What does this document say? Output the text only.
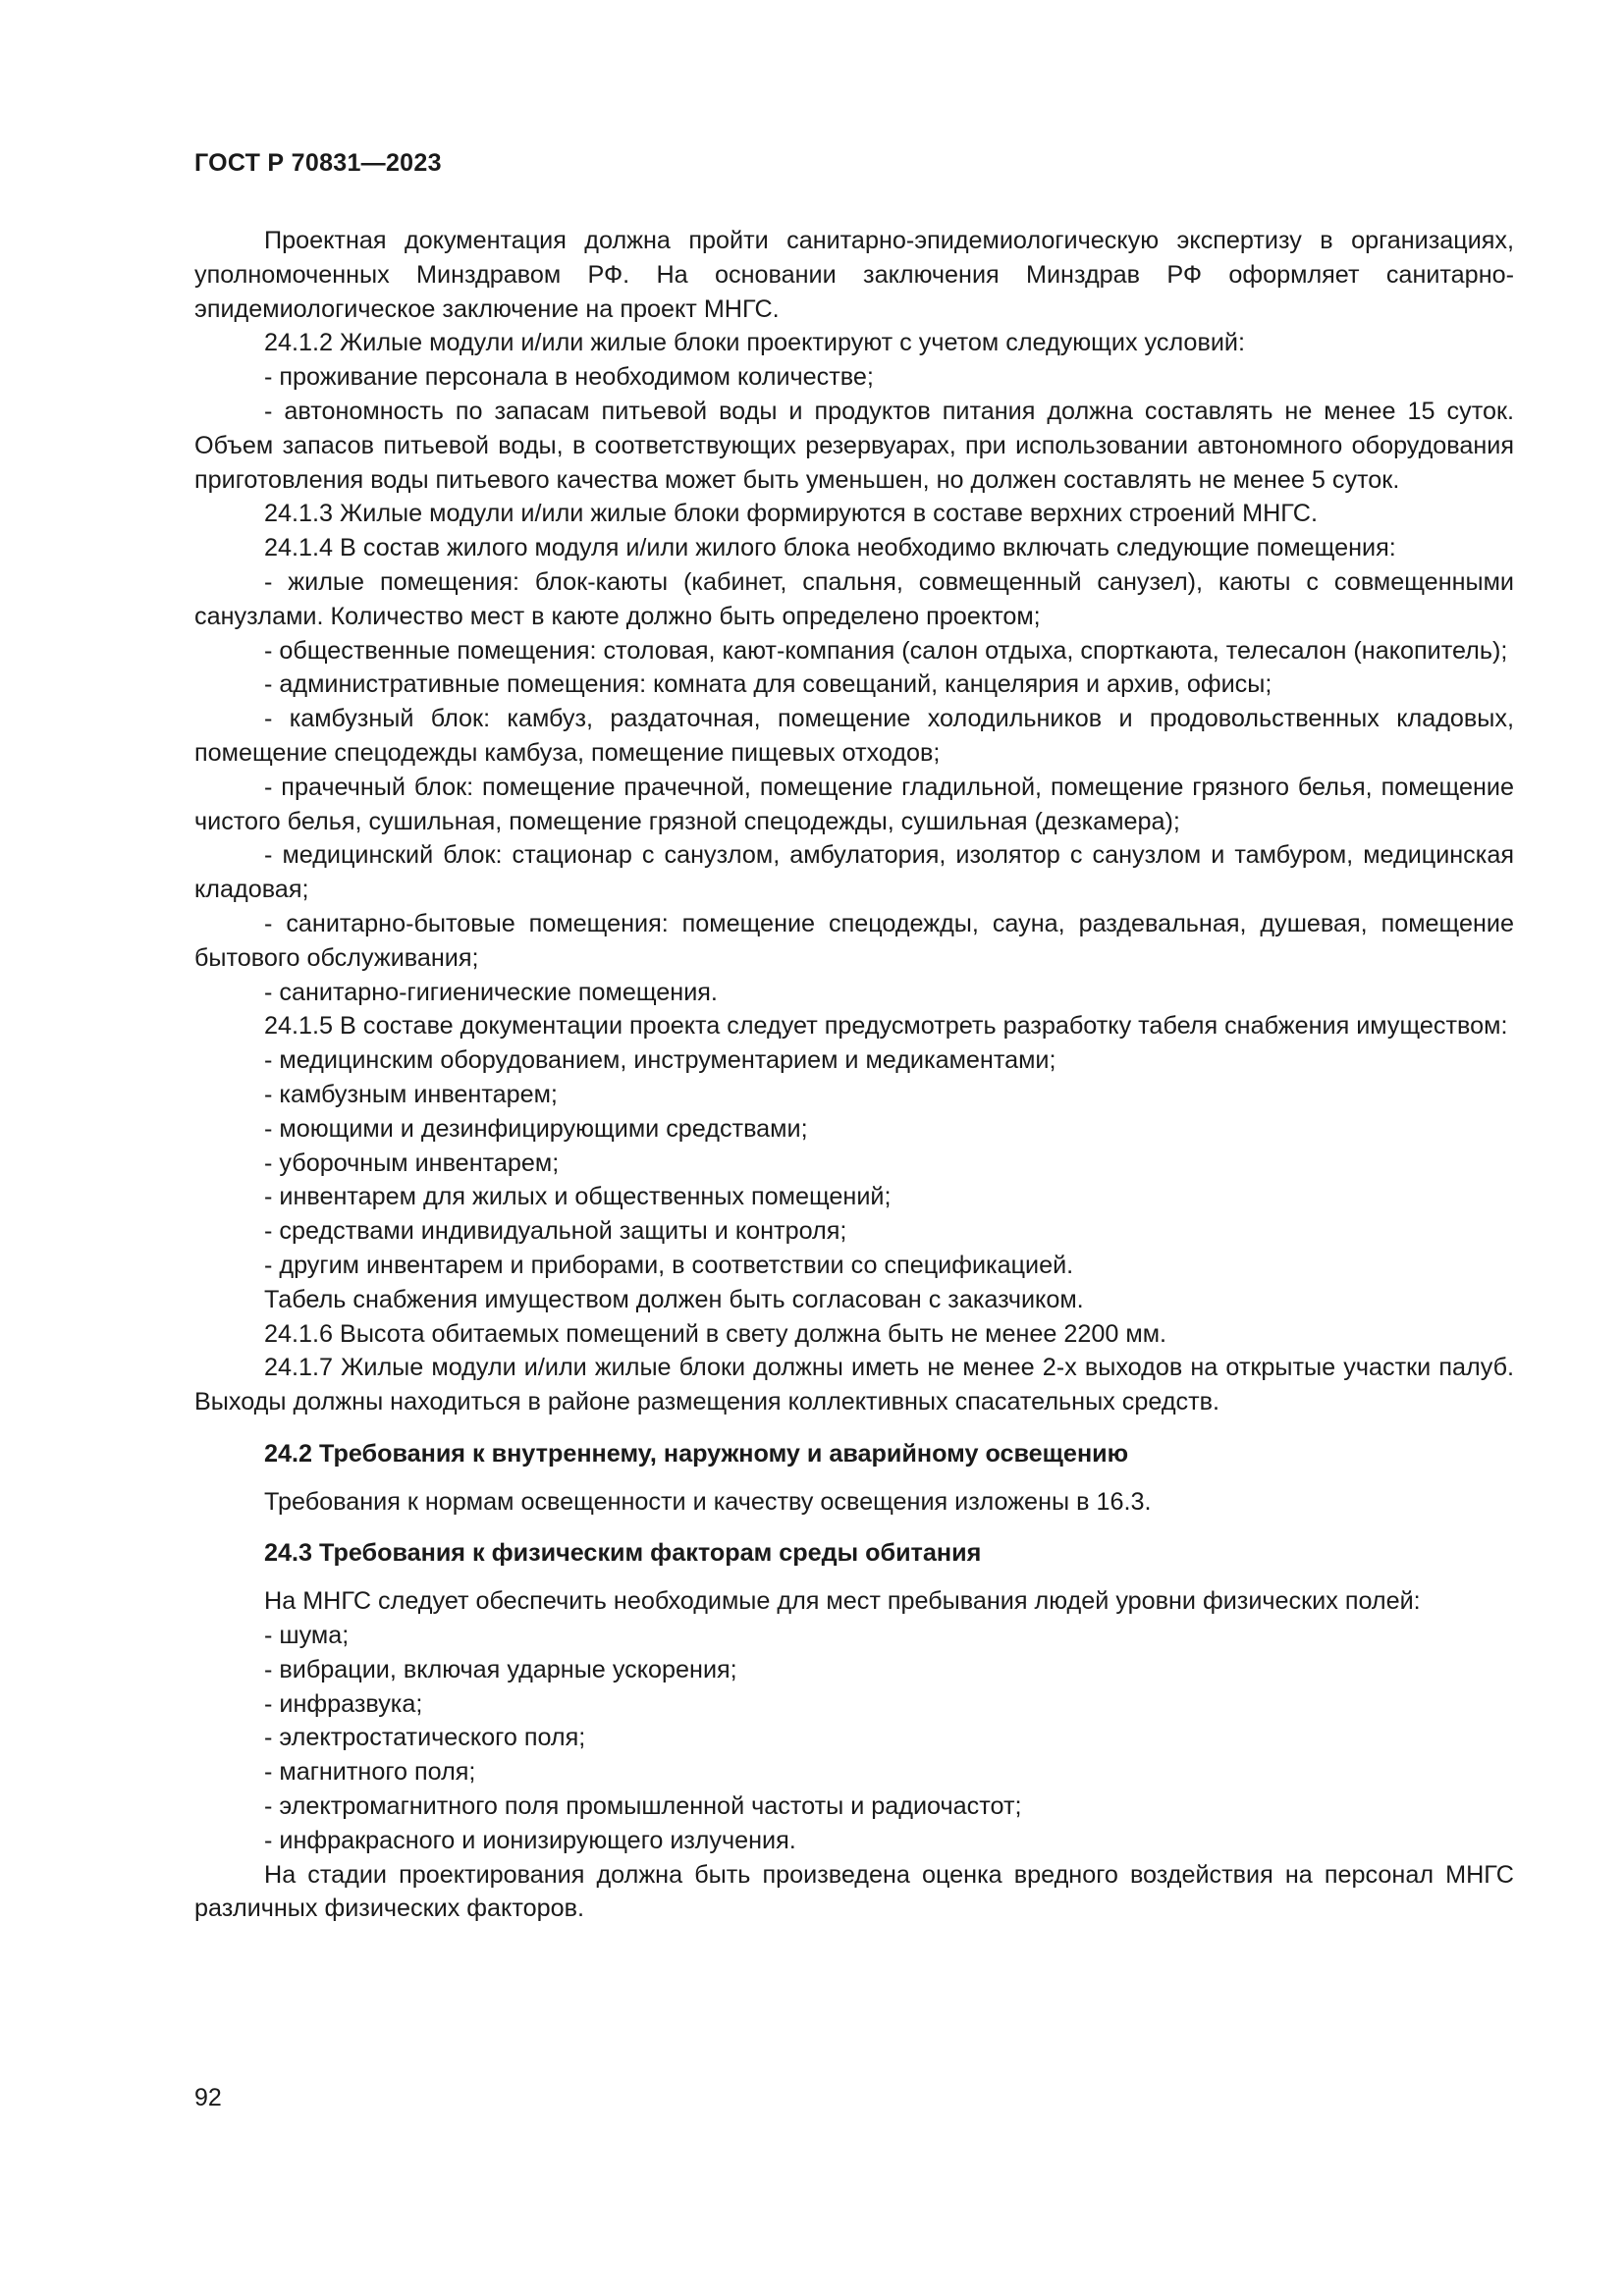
ГОСТ Р 70831—2023

Проектная документация должна пройти санитарно-эпидемиологическую экспертизу в организациях, уполномоченных Минздравом РФ. На основании заключения Минздрав РФ оформляет санитарно-эпидемиологическое заключение на проект МНГС.

24.1.2 Жилые модули и/или жилые блоки проектируют с учетом следующих условий:

- проживание персонала в необходимом количестве;

- автономность по запасам питьевой воды и продуктов питания должна составлять не менее 15 суток. Объем запасов питьевой воды, в соответствующих резервуарах, при использовании автономного оборудования приготовления воды питьевого качества может быть уменьшен, но должен составлять не менее 5 суток.

24.1.3 Жилые модули и/или жилые блоки формируются в составе верхних строений МНГС.

24.1.4 В состав жилого модуля и/или жилого блока необходимо включать следующие помещения:

- жилые помещения: блок-каюты (кабинет, спальня, совмещенный санузел), каюты с совмещенными санузлами. Количество мест в каюте должно быть определено проектом;

- общественные помещения: столовая, кают-компания (салон отдыха, спорткаюта, телесалон (накопитель);

- административные помещения: комната для совещаний, канцелярия и архив, офисы;

- камбузный блок: камбуз, раздаточная, помещение холодильников и продовольственных кладовых, помещение спецодежды камбуза, помещение пищевых отходов;

- прачечный блок: помещение прачечной, помещение гладильной, помещение грязного белья, помещение чистого белья, сушильная, помещение грязной спецодежды, сушильная (дезкамера);

- медицинский блок: стационар с санузлом, амбулатория, изолятор с санузлом и тамбуром, медицинская кладовая;

- санитарно-бытовые помещения: помещение спецодежды, сауна, раздевальная, душевая, помещение бытового обслуживания;

- санитарно-гигиенические помещения.

24.1.5 В составе документации проекта следует предусмотреть разработку табеля снабжения имуществом:

- медицинским оборудованием, инструментарием и медикаментами;

- камбузным инвентарем;

- моющими и дезинфицирующими средствами;

- уборочным инвентарем;

- инвентарем для жилых и общественных помещений;

- средствами индивидуальной защиты и контроля;

- другим инвентарем и приборами, в соответствии со спецификацией.

Табель снабжения имуществом должен быть согласован с заказчиком.

24.1.6 Высота обитаемых помещений в свету должна быть не менее 2200 мм.

24.1.7 Жилые модули и/или жилые блоки должны иметь не менее 2-х выходов на открытые участки палуб. Выходы должны находиться в районе размещения коллективных спасательных средств.

24.2 Требования к внутреннему, наружному и аварийному освещению

Требования к нормам освещенности и качеству освещения изложены в 16.3.

24.3 Требования к физическим факторам среды обитания

На МНГС следует обеспечить необходимые для мест пребывания людей уровни физических полей:

- шума;

- вибрации, включая ударные ускорения;

- инфразвука;

- электростатического поля;

- магнитного поля;

- электромагнитного поля промышленной частоты и радиочастот;

- инфракрасного и ионизирующего излучения.

На стадии проектирования должна быть произведена оценка вредного воздействия на персонал МНГС различных физических факторов.

92
